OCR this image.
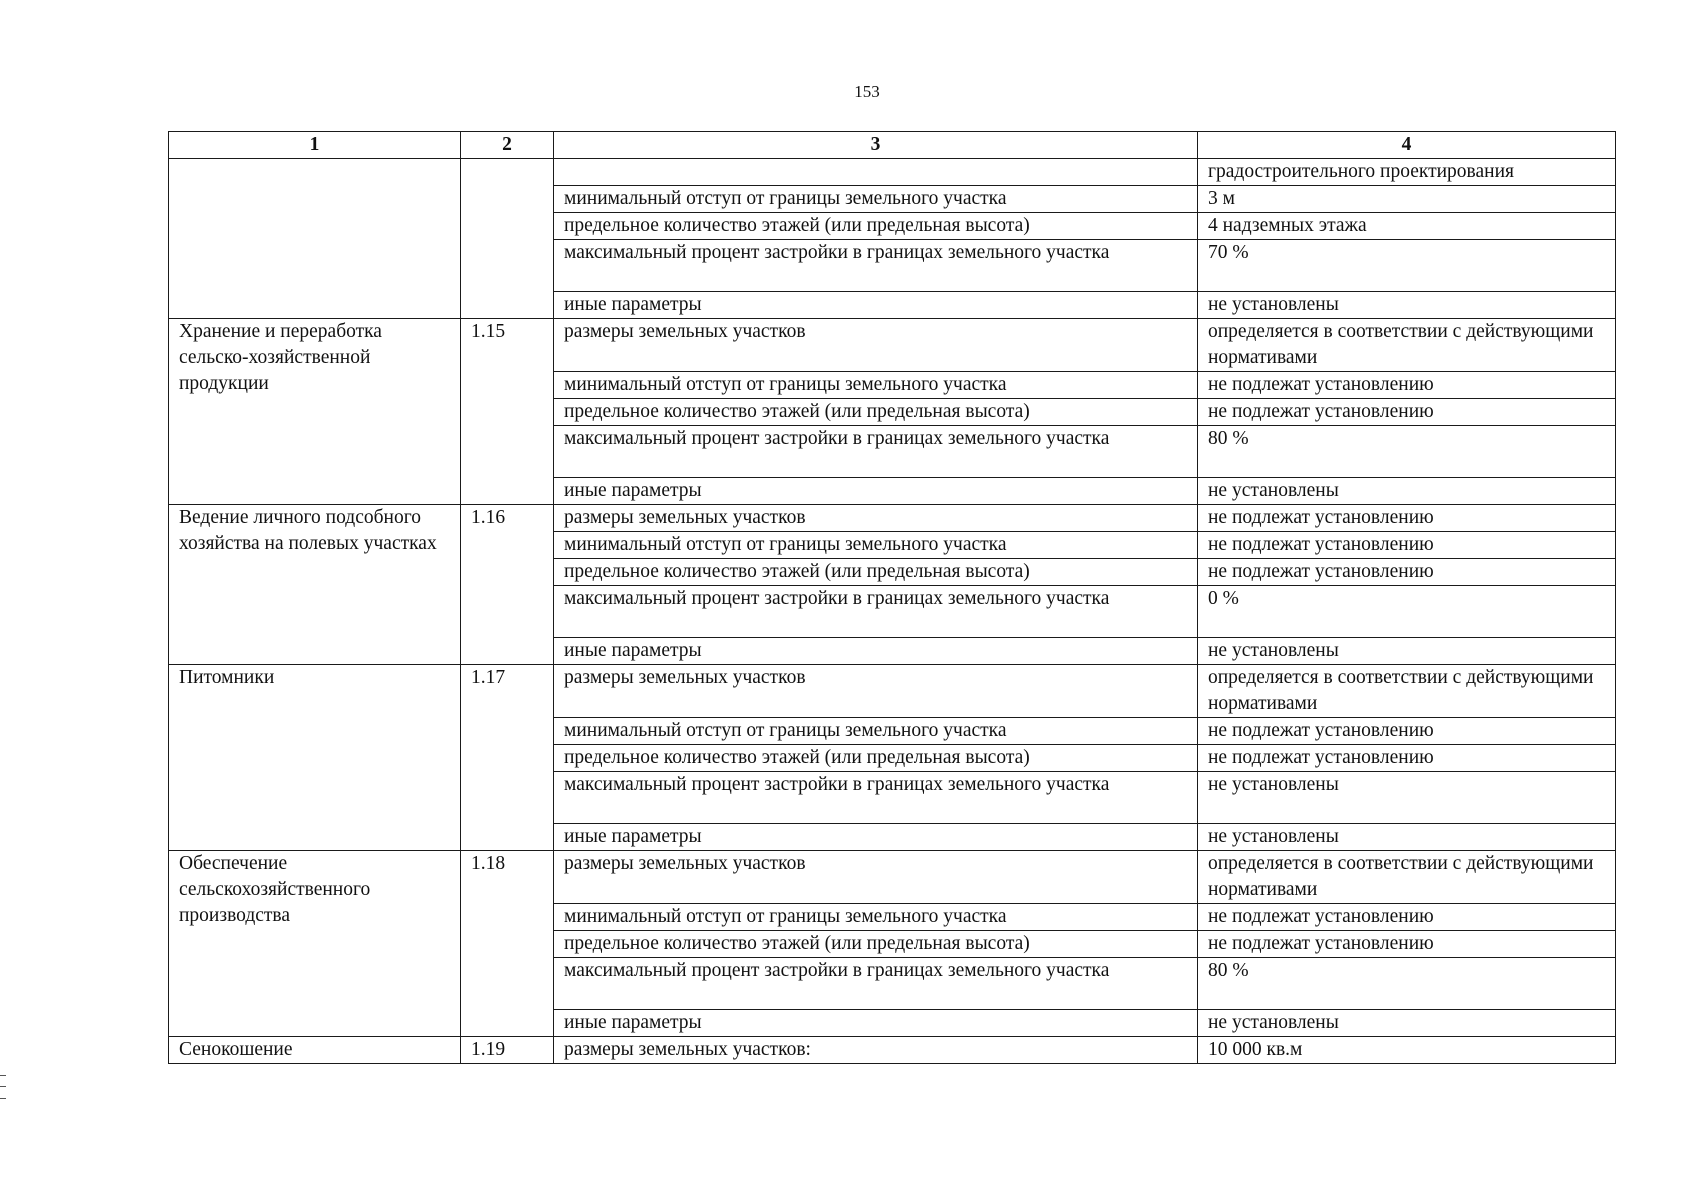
153
1	2	3	4
			градостроительного проектирования
		минимальный отступ от границы земельного участка	3 м
		предельное количество этажей (или предельная высота)	4 надземных этажа
		максимальный процент застройки в границах земельного участка	70 %
		иные параметры	не установлены

Хранение и переработка сельско-хозяйственной продукции	1.15	размеры земельных участков	определяется в соответствии с действующими нормативами
		минимальный отступ от границы земельного участка	не подлежат установлению
		предельное количество этажей (или предельная высота)	не подлежат установлению
		максимальный процент застройки в границах земельного участка	80 %
		иные параметры	не установлены
Ведение личного подсобного хозяйства на полевых участках	1.16	размеры земельных участков	не подлежат установлению
		минимальный отступ от границы земельного участка	не подлежат установлению
		предельное количество этажей (или предельная высота)	не подлежат установлению
		максимальный процент застройки в границах земельного участка	0 %
		иные параметры	не установлены
Питомники	1.17	размеры земельных участков	определяется в соответствии с действующими нормативами
		минимальный отступ от границы земельного участка	не подлежат установлению
		предельное количество этажей (или предельная высота)	не подлежат установлению
		максимальный процент застройки в границах земельного участка	не установлены
		иные параметры	не установлены
Обеспечение сельскохозяйственного производства	1.18	размеры земельных участков	определяется в соответствии с действующими нормативами
		минимальный отступ от границы земельного участка	не подлежат установлению
		предельное количество этажей (или предельная высота)	не подлежат установлению
		максимальный процент застройки в границах земельного участка	80 %
		иные параметры	не установлены
Сенокошение	1.19	размеры земельных участков:	10 000 кв.м
